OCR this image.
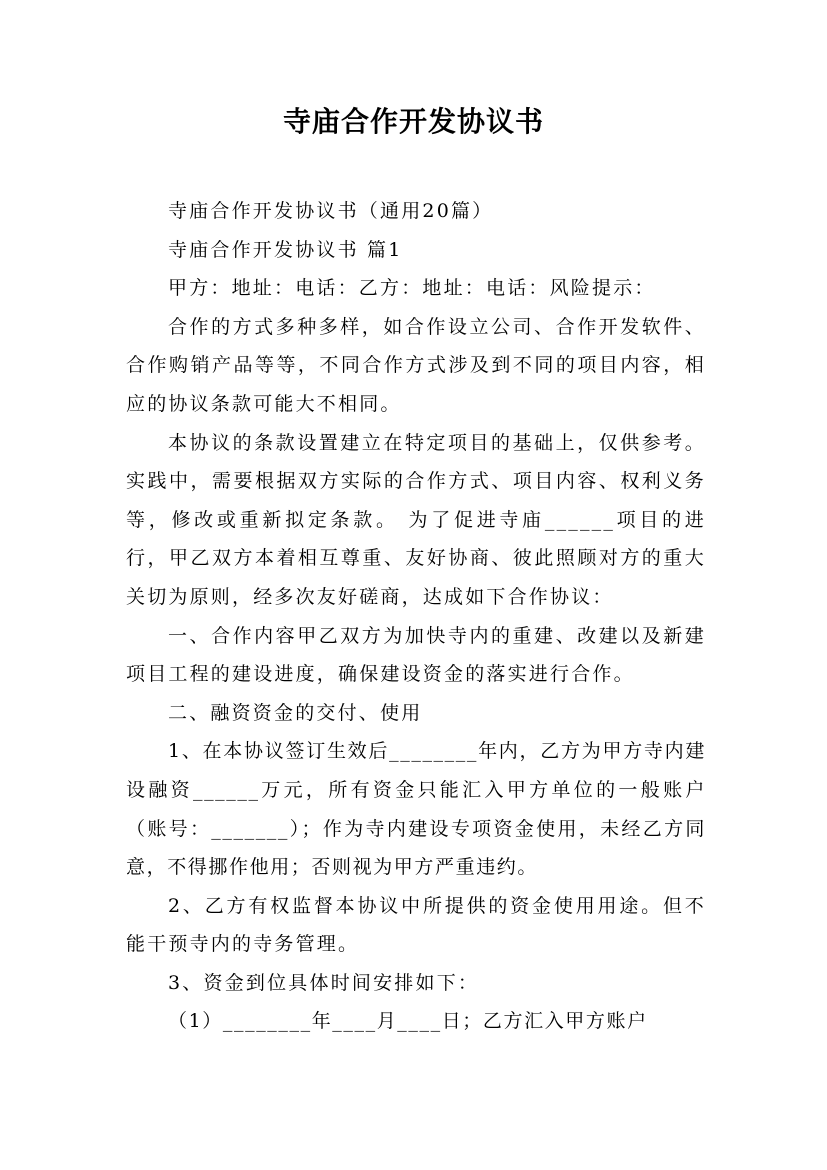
寺庙合作开发协议书

寺庙合作开发协议书（通用20篇）

寺庙合作开发协议书 篇1

甲方：地址：电话：乙方：地址：电话：风险提示：

合作的方式多种多样，如合作设立公司、合作开发软件、合作购销产品等等，不同合作方式涉及到不同的项目内容，相应的协议条款可能大不相同。

本协议的条款设置建立在特定项目的基础上，仅供参考。实践中，需要根据双方实际的合作方式、项目内容、权利义务等，修改或重新拟定条款。 为了促进寺庙______项目的进行，甲乙双方本着相互尊重、友好协商、彼此照顾对方的重大关切为原则，经多次友好磋商，达成如下合作协议：

一、合作内容甲乙双方为加快寺内的重建、改建以及新建项目工程的建设进度，确保建设资金的落实进行合作。

二、融资资金的交付、使用

1、在本协议签订生效后________年内，乙方为甲方寺内建设融资______万元，所有资金只能汇入甲方单位的一般账户（账号：_______）；作为寺内建设专项资金使用，未经乙方同意，不得挪作他用；否则视为甲方严重违约。

2、乙方有权监督本协议中所提供的资金使用用途。但不能干预寺内的寺务管理。

3、资金到位具体时间安排如下：

（1）________年____月____日；乙方汇入甲方账户
